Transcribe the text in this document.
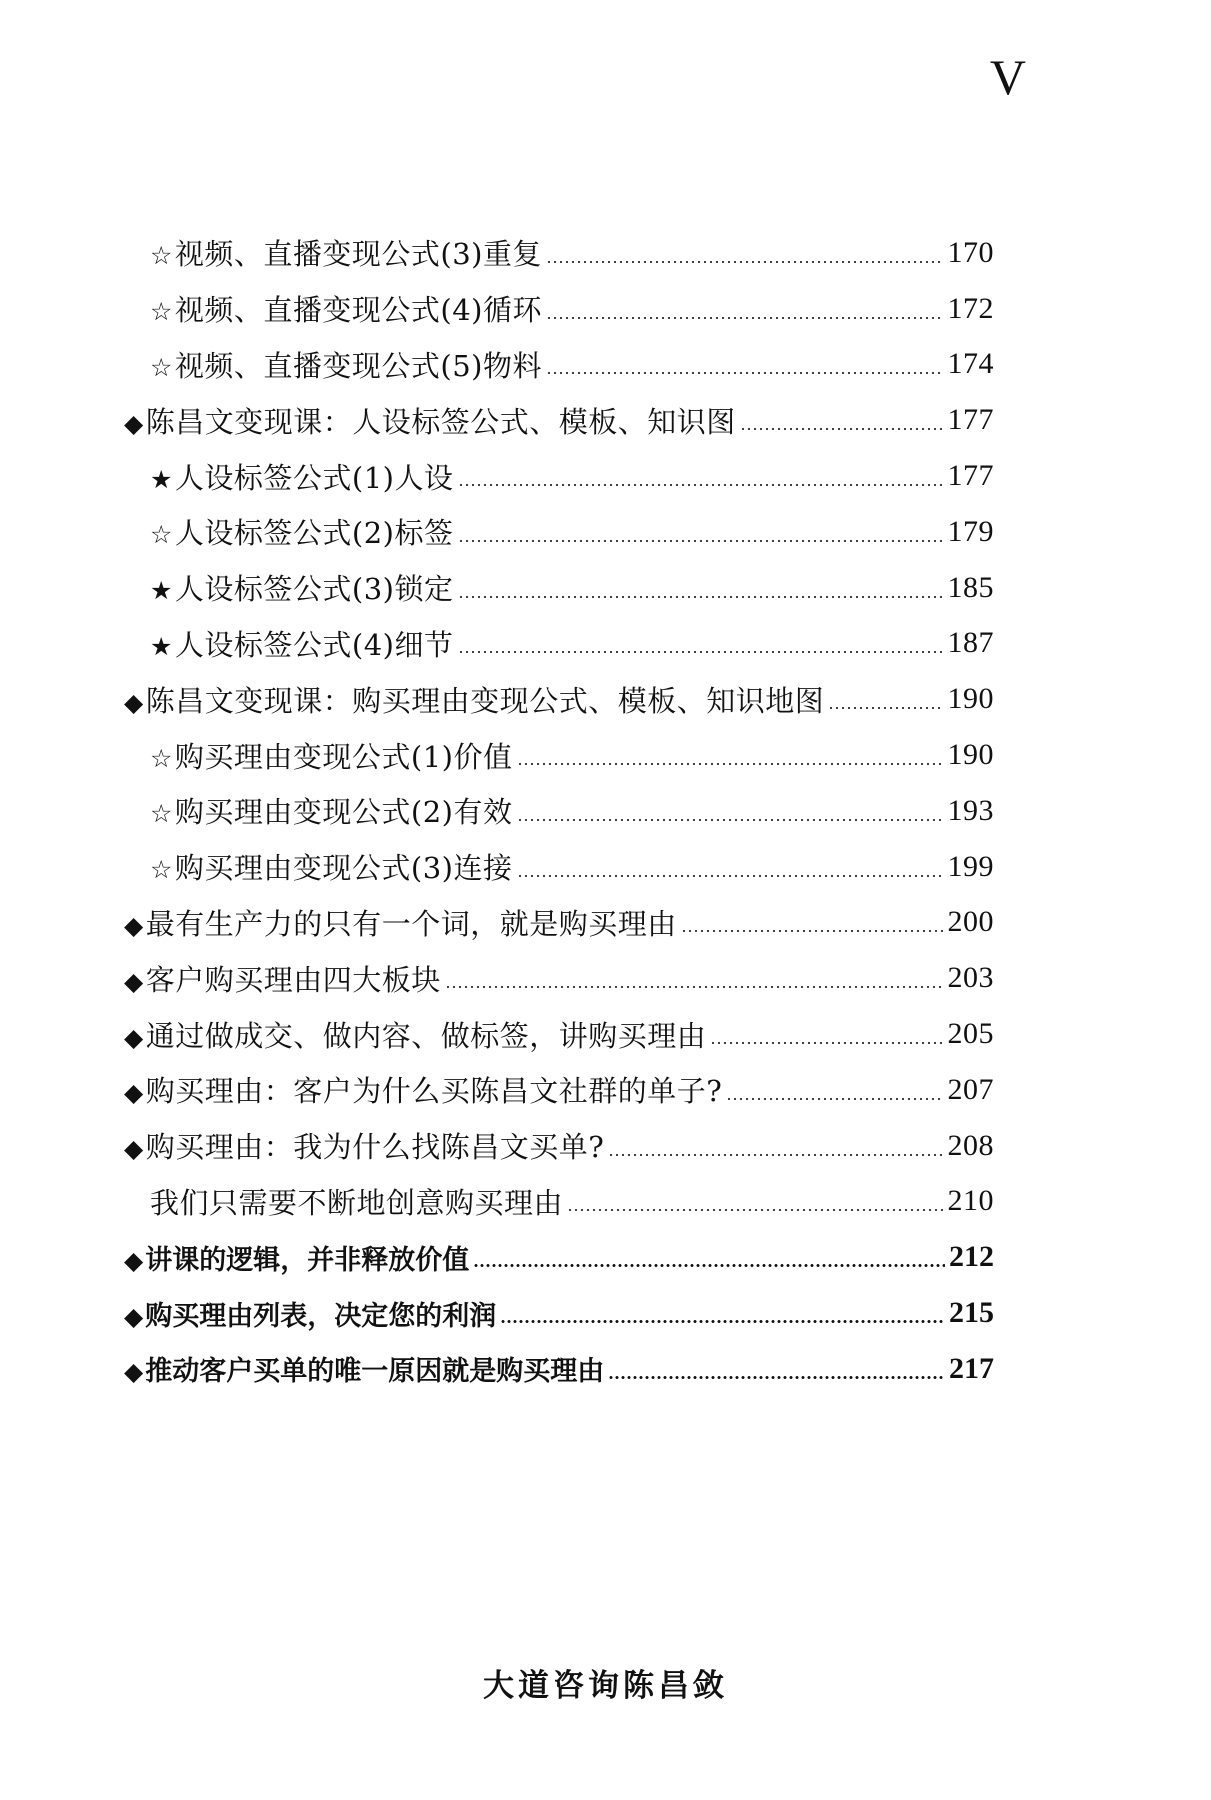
V
☆视频、直播变现公式(3)重复	170
☆视频、直播变现公式(4)循环	172
☆视频、直播变现公式(5)物料	174
◆陈昌文变现课：人设标签公式、模板、知识图	177
★人设标签公式(1)人设	177
☆人设标签公式(2)标签	179
★人设标签公式(3)锁定	185
★人设标签公式(4)细节	187
◆陈昌文变现课：购买理由变现公式、模板、知识地图	190
☆购买理由变现公式(1)价值	190
☆购买理由变现公式(2)有效	193
☆购买理由变现公式(3)连接	199
◆最有生产力的只有一个词，就是购买理由	200
◆客户购买理由四大板块	203
◆通过做成交、做内容、做标签，讲购买理由	205
◆购买理由：客户为什么买陈昌文社群的单子?	207
◆购买理由：我为什么找陈昌文买单?	208
我们只需要不断地创意购买理由	210
◆讲课的逻辑，并非释放价值	212
◆购买理由列表，决定您的利润	215
◆推动客户买单的唯一原因就是购买理由	217
大道咨询陈昌敛
